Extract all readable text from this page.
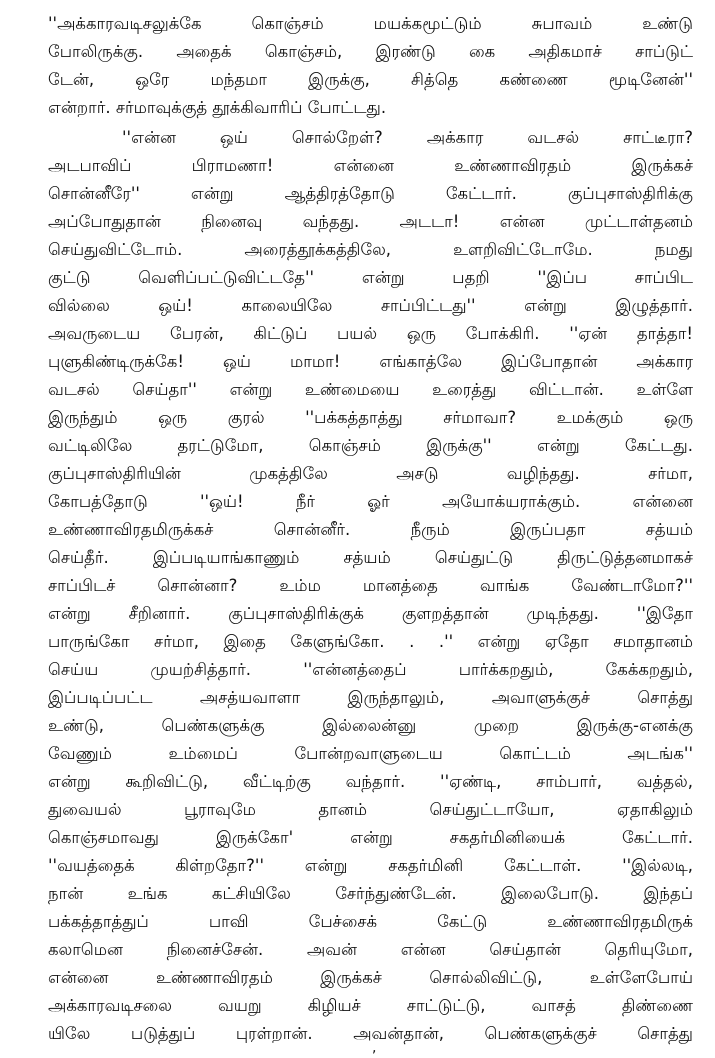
''அக்காரவடிசலுக்கே கொஞ்சம் மயக்கமூட்டும் சுபாவம் உண்டு
போலிருக்கு. அதைக் கொஞ்சம், இரண்டு கை அதிகமாச் சாப்டுட்
டேன், ஒரே மந்தமா இருக்கு, சித்தெ கண்ணை மூடினேன்''
என்றார். சர்மாவுக்குத் தூக்கிவாரிப் போட்டது.
''என்ன ஒய் சொல்றேள்? அக்கார வடசல் சாட்டீரா?
அடபாவிப் பிராமணா! என்னை உண்ணாவிரதம் இருக்கச்
சொன்னீரே'' என்று ஆத்திரத்தோடு கேட்டார். குப்புசாஸ்திரிக்கு
அப்போதுதான் நினைவு வந்தது. அடடா! என்ன முட்டாள்தனம்
செய்துவிட்டோம். அரைத்தூக்கத்திலே, உளறிவிட்டோமே. நமது
குட்டு வெளிப்பட்டுவிட்டதே'' என்று பதறி ''இப்ப சாப்பிட
வில்லை ஒய்! காலையிலே சாப்பிட்டது'' என்று இழுத்தார்.
அவருடைய பேரன், கிட்டுப் பயல் ஒரு போக்கிரி. ''ஏன் தாத்தா!
புளுகிண்டிருக்கே! ஒய் மாமா! எங்காத்லே இப்போதான் அக்கார
வடசல் செய்தா'' என்று உண்மையை உரைத்து விட்டான். உள்ளே
இருந்தும் ஒரு குரல் ''பக்கத்தாத்து சர்மாவா? உமக்கும் ஒரு
வட்டிலிலே தரட்டுமோ, கொஞ்சம் இருக்கு'' என்று கேட்டது.
குப்புசாஸ்திரியின் முகத்திலே அசடு வழிந்தது. சர்மா,
கோபத்தோடு ''ஒய்! நீர் ஓர் அயோக்யராக்கும். என்னை
உண்ணாவிரதமிருக்கச் சொன்னீர். நீரும் இருப்பதா சத்யம்
செய்தீர். இப்படியாங்காணும் சத்யம் செய்துட்டு திருட்டுத்தனமாகச்
சாப்பிடச் சொன்னா? உம்ம மானத்தை வாங்க வேண்டாமோ?''
என்று சீறினார். குப்புசாஸ்திரிக்குக் குளறத்தான் முடிந்தது. ''இதோ
பாருங்கோ சர்மா, இதை கேளுங்கோ. . .'' என்று ஏதோ சமாதானம்
செய்ய முயற்சித்தார். ''என்னத்தைப் பார்க்கறதும், கேக்கறதும்,
இப்படிப்பட்ட அசத்யவாளா இருந்தாலும், அவாளுக்குச் சொத்து
உண்டு, பெண்களுக்கு இல்லைன்னு முறை இருக்கு-எனக்கு
வேணும் உம்மைப் போன்றவாளுடைய கொட்டம் அடங்க''
என்று கூறிவிட்டு, வீட்டிற்கு வந்தார். ''ஏண்டி, சாம்பார், வத்தல்,
துவையல் பூராவுமே தானம் செய்துட்டாயோ, ஏதாகிலும்
கொஞ்சமாவது இருக்கோ' என்று சகதர்மினியைக் கேட்டார்.
''வயத்தைக் கிள்றதோ?'' என்று சகதர்மினி கேட்டாள். ''இல்லடி,
நான் உங்க கட்சியிலே சேர்ந்துண்டேன். இலைபோடு. இந்தப்
பக்கத்தாத்துப் பாவி பேச்சைக் கேட்டு உண்ணாவிரதமிருக்
கலாமென நினைச்சேன். அவன் என்ன செய்தான் தெரியுமோ,
என்னை உண்ணாவிரதம் இருக்கச் சொல்லிவிட்டு, உள்ளேபோய்
அக்காரவடிசலை வயறு கிழியச் சாட்டுட்டு, வாசத் திண்ணை
யிலே படுத்துப் புரள்றான். அவன்தான், பெண்களுக்குச் சொத்து
,
